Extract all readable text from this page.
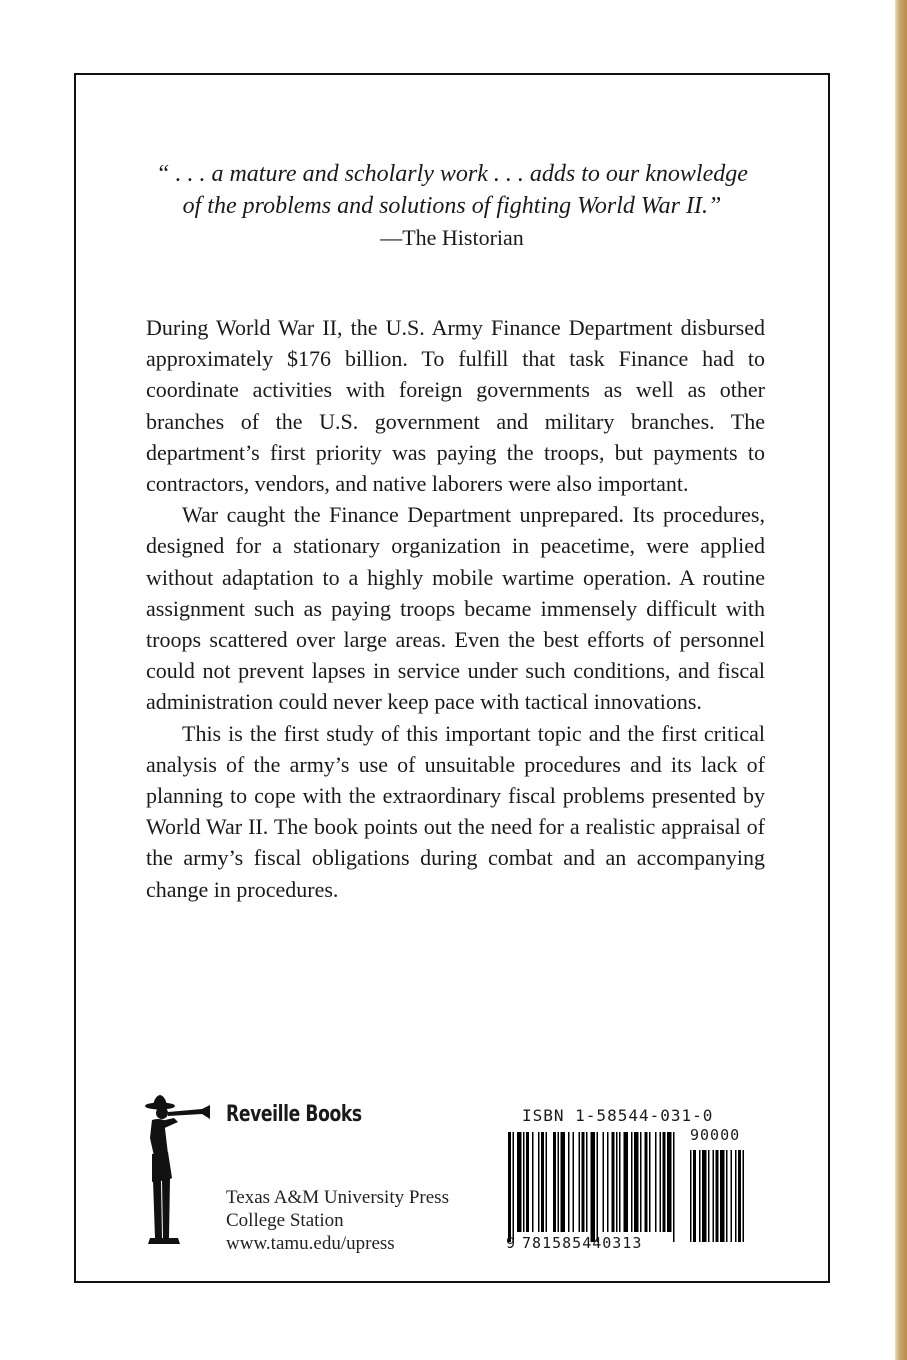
“ . . . a mature and scholarly work . . . adds to our knowledge
of the problems and solutions of fighting World War II.”
—The Historian

During World War II, the U.S. Army Finance Department disbursed approximately $176 billion. To fulfill that task Finance had to coordinate activities with foreign governments as well as other branches of the U.S. government and military branches. The department’s first priority was paying the troops, but payments to contractors, vendors, and native laborers were also important.

War caught the Finance Department unprepared. Its procedures, designed for a stationary organization in peacetime, were applied without adaptation to a highly mobile wartime operation. A routine assignment such as paying troops became immensely difficult with troops scattered over large areas. Even the best efforts of personnel could not prevent lapses in service under such conditions, and fiscal administration could never keep pace with tactical innovations.

This is the first study of this important topic and the first critical analysis of the army’s use of unsuitable procedures and its lack of planning to cope with the extraordinary fiscal problems presented by World War II. The book points out the need for a realistic appraisal of the army’s fiscal obligations during combat and an accompanying change in procedures.

Reveille Books
Texas A&M University Press
College Station
www.tamu.edu/upress
ISBN 1-58544-031-0
90000
9 781585440313
